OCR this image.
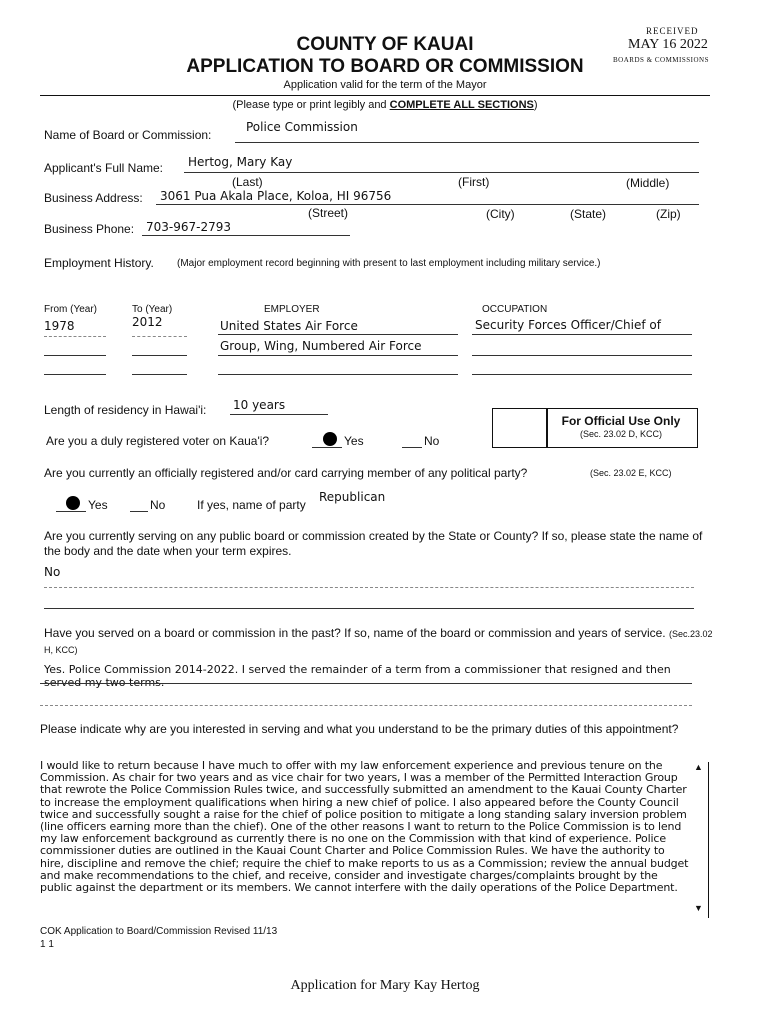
RECEIVED
MAY 16 2022
BOARDS & COMMISSIONS
COUNTY OF KAUAI
APPLICATION TO BOARD OR COMMISSION
Application valid for the term of the Mayor
(Please type or print legibly and COMPLETE ALL SECTIONS)
Name of Board or Commission:
Police Commission
Applicant's Full Name: Hertog, Mary Kay
(Last)	(First)	(Middle)
Business Address: 3061 Pua Akala Place, Koloa, HI 96756
(Street)	(City)	(State)	(Zip)
Business Phone: 703-967-2793
Employment History. (Major employment record beginning with present to last employment including military service.)
From (Year)	To (Year)	EMPLOYER	OCCUPATION
1978	2012	United States Air Force	Security Forces Officer/Chief of
Group, Wing, Numbered Air Force
Length of residency in Hawai'i: 10 years
For Official Use Only
(Sec. 23.02 D, KCC)
Are you a duly registered voter on Kaua'i?	Yes	No
Are you currently an officially registered and/or card carrying member of any political party?	(Sec. 23.02 E, KCC)
Yes	No	If yes, name of party
Republican
Are you currently serving on any public board or commission created by the State or County? If so, please state the name of the body and the date when your term expires.
No
Have you served on a board or commission in the past? If so, name of the board or commission and years of service. (Sec.23.02 H, KCC)
Yes. Police Commission 2014-2022. I served the remainder of a term from a commissioner that resigned and then served my two terms.
Please indicate why are you interested in serving and what you understand to be the primary duties of this appointment?
I would like to return because I have much to offer with my law enforcement experience and previous tenure on the Commission. As chair for two years and as vice chair for two years, I was a member of the Permitted Interaction Group that rewrote the Police Commission Rules twice, and successfully submitted an amendment to the Kauai County Charter to increase the employment qualifications when hiring a new chief of police. I also appeared before the County Council twice and successfully sought a raise for the chief of police position to mitigate a long standing salary inversion problem (line officers earning more than the chief). One of the other reasons I want to return to the Police Commission is to lend my law enforcement background as currently there is no one on the Commission with that kind of experience. Police commissioner duties are outlined in the Kauai Count Charter and Police Commission Rules. We have the authority to hire, discipline and remove the chief; require the chief to make reports to us as a Commission; review the annual budget and make recommendations to the chief, and receive, consider and investigate charges/complaints brought by the public against the department or its members. We cannot interfere with the daily operations of the Police Department.
▲
▼
COK Application to Board/Commission Revised 11/13
1 1
Application for Mary Kay Hertog
